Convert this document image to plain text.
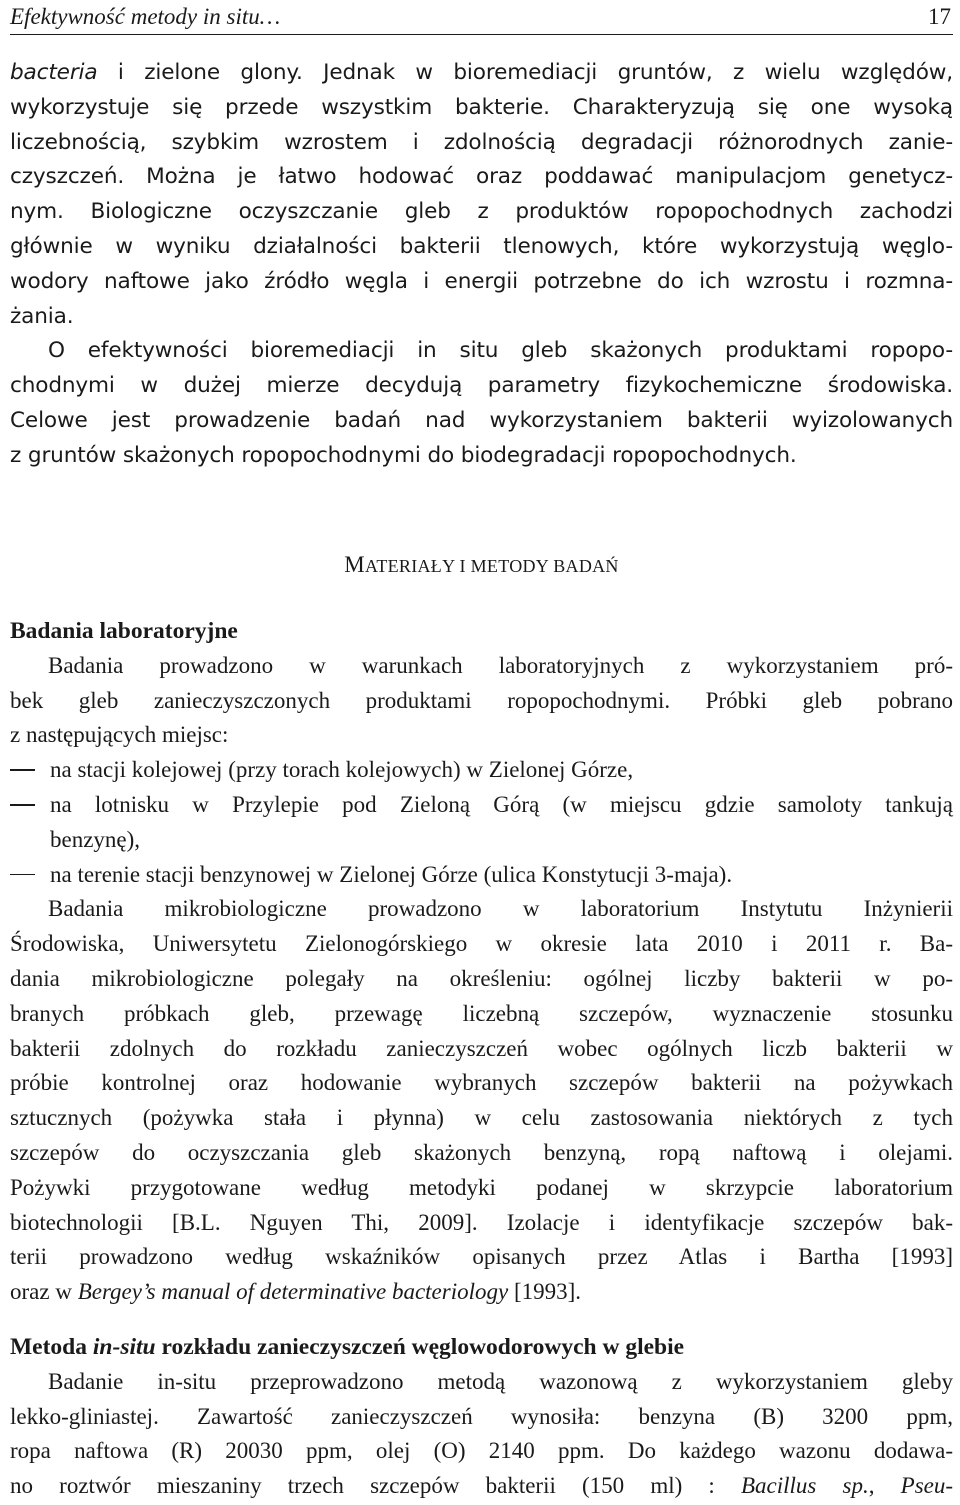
Efektywność metody in situ…	17
bacteria i zielone glony. Jednak w bioremediacji gruntów, z wielu względów,
wykorzystuje się przede wszystkim bakterie. Charakteryzują się one wysoką
liczebnością, szybkim wzrostem i zdolnością degradacji różnorodnych zanie-
czyszczeń. Można je łatwo hodować oraz poddawać manipulacjom genetycz-
nym. Biologiczne oczyszczanie gleb z produktów ropopochodnych zachodzi
głównie w wyniku działalności bakterii tlenowych, które wykorzystują węglo-
wodory naftowe jako źródło węgla i energii potrzebne do ich wzrostu i rozmna-
żania.
O efektywności bioremediacji in situ gleb skażonych produktami ropopo-
chodnymi w dużej mierze decydują parametry fizykochemiczne środowiska.
Celowe jest prowadzenie badań nad wykorzystaniem bakterii wyizolowanych
z gruntów skażonych ropopochodnymi do biodegradacji ropopochodnych.
MATERIAŁY I METODY BADAŃ
Badania laboratoryjne
Badania prowadzono w warunkach laboratoryjnych z wykorzystaniem pró-
bek gleb zanieczyszczonych produktami ropopochodnymi. Próbki gleb pobrano
z następujących miejsc:
na stacji kolejowej (przy torach kolejowych) w Zielonej Górze,
na lotnisku w Przylepie pod Zieloną Górą (w miejscu gdzie samoloty tankują
benzynę),
na terenie stacji benzynowej w Zielonej Górze (ulica Konstytucji 3-maja).
Badania mikrobiologiczne prowadzono w laboratorium Instytutu Inżynierii
Środowiska, Uniwersytetu Zielonogórskiego w okresie lata 2010 i 2011 r. Ba-
dania mikrobiologiczne polegały na określeniu: ogólnej liczby bakterii w po-
branych próbkach gleb, przewagę liczebną szczepów, wyznaczenie stosunku
bakterii zdolnych do rozkładu zanieczyszczeń wobec ogólnych liczb bakterii w
próbie kontrolnej oraz hodowanie wybranych szczepów bakterii na pożywkach
sztucznych (pożywka stała i płynna) w celu zastosowania niektórych z tych
szczepów do oczyszczania gleb skażonych benzyną, ropą naftową i olejami.
Pożywki przygotowane według metodyki podanej w skrzypcie laboratorium
biotechnologii [B.L. Nguyen Thi, 2009]. Izolacje i identyfikacje szczepów bak-
terii prowadzono według wskaźników opisanych przez Atlas i Bartha [1993]
oraz w Bergey’s manual of determinative bacteriology [1993].
Metoda in-situ rozkładu zanieczyszczeń węglowodorowych w glebie
Badanie in-situ przeprowadzono metodą wazonową z wykorzystaniem gleby
lekko-gliniastej. Zawartość zanieczyszczeń wynosiła: benzyna (B) 3200 ppm,
ropa naftowa (R) 20030 ppm, olej (O) 2140 ppm. Do każdego wazonu dodawa-
no roztwór mieszaniny trzech szczepów bakterii (150 ml) : Bacillus sp., Pseu-
